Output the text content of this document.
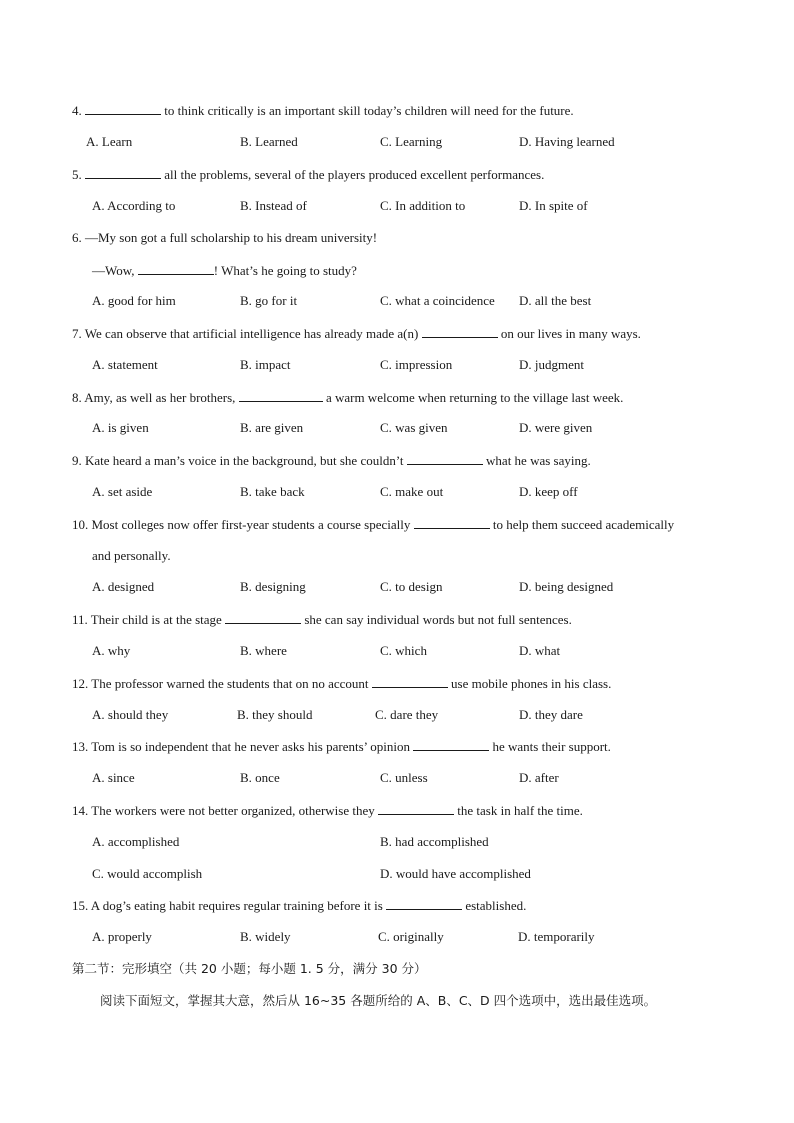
4.	to think critically is an important skill today’s children will need for the future.
A. Learn	B. Learned	C. Learning	D. Having learned
5.	all the problems, several of the players produced excellent performances.
A. According to	B. Instead of	C. In addition to	D. In spite of
6. —My son got a full scholarship to his dream university!
—Wow,	! What’s he going to study?
A. good for him	B. go for it	C. what a coincidence D. all the best
7. We can observe that artificial intelligence has already made a(n)	on our lives in many ways.
A. statement	B. impact	C. impression	D. judgment
8. Amy, as well as her brothers,	a warm welcome when returning to the village last week.
A. is given	B. are given	C. was given	D. were given
9. Kate heard a man’s voice in the background, but she couldn’t	what he was saying.
A. set aside	B. take back	C. make out	D. keep off
10. Most colleges now offer first-year students a course specially	to help them succeed academically
and personally.
A. designed	B. designing	C. to design	D. being designed
11. Their child is at the stage	she can say individual words but not full sentences.
A. why	B. where	C. which	D. what
12. The professor warned the students that on no account	use mobile phones in his class.
A. should they	B. they should	C. dare they	D. they dare
13. Tom is so independent that he never asks his parents’ opinion	he wants their support.
A. since	B. once	C. unless	D. after
14. The workers were not better organized, otherwise they	the task in half the time.
A. accomplished	B. had accomplished
C. would accomplish	D. would have accomplished
15. A dog’s eating habit requires regular training before it is	established.
A. properly	B. widely	C. originally	D. temporarily
第二节：完形填空（共 20 小题；每小题 1. 5 分，满分 30 分）
阅读下面短文，掌握其大意，然后从 16~35 各题所给的 A、B、C、D 四个选项中，选出最佳选项。
